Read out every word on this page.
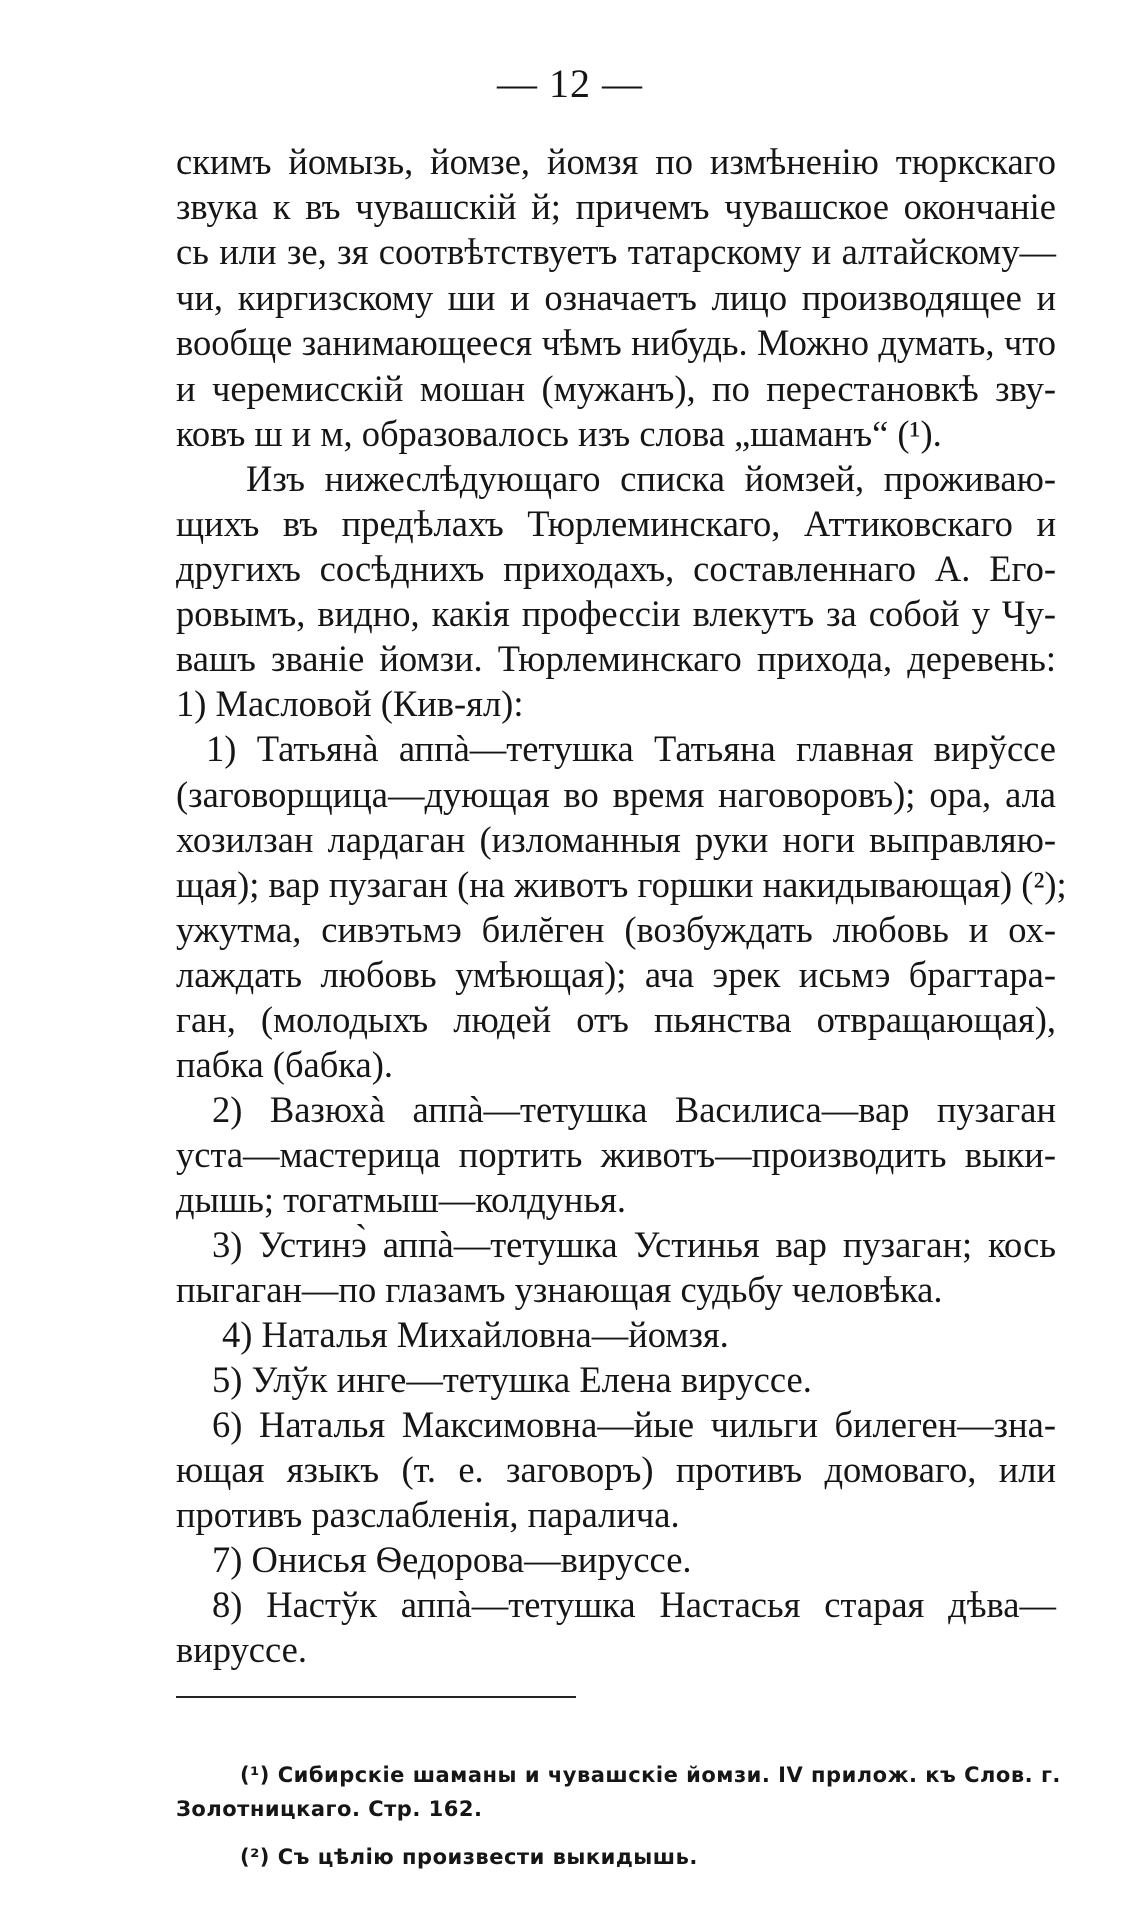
— 12 —
скимъ йомызь, йомзе, йомзя по измѣненію тюркскаго
звука к въ чувашскій й; причемъ чувашское окончаніе
сь или зе, зя соотвѣтствуетъ татарскому и алтайскому—
чи, киргизскому ши и означаетъ лицо производящее и
вообще занимающееся чѣмъ нибудь. Можно думать, что
и черемисскій мошан (мужанъ), по перестановкѣ зву-
ковъ ш и м, образовалось изъ слова „шаманъ“ (¹).
Изъ нижеслѣдующаго списка йомзей, проживаю-
щихъ въ предѣлахъ Тюрлеминскаго, Аттиковскаго и
другихъ сосѣднихъ приходахъ, составленнаго А. Его-
ровымъ, видно, какія профессіи влекутъ за собой у Чу-
вашъ званіе йомзи. Тюрлеминскаго прихода, деревень:
1) Масловой (Кив-ял):
1) Татьянà аппà—тетушка Татьяна главная вирўссе
(заговорщица—дующая во время наговоровъ); ора, ала
хозилзан лардаган (изломанныя руки ноги выправляю-
щая); вар пузаган (на животъ горшки накидывающая) (²);
ужутма, сивэтьмэ билĕген (возбуждать любовь и ох-
лаждать любовь умѣющая); ача эрек исьмэ брагтара-
ган, (молодыхъ людей отъ пьянства отвращающая),
пабка (бабка).
2) Вазюхà аппà—тетушка Василиса—вар пузаган
уста—мастерица портить животъ—производить выки-
дышь; тогатмыш—колдунья.
3) Устинэ̀ аппà—тетушка Устинья вар пузаган; кось
пыгаган—по глазамъ узнающая судьбу человѣка.
4) Наталья Михайловна—йомзя.
5) Улўк инге—тетушка Елена вируссе.
6) Наталья Максимовна—йые чильги билеген—зна-
ющая языкъ (т. е. заговоръ) противъ домоваго, или
противъ разслабленія, паралича.
7) Онисья Ѳедорова—вируссе.
8) Настўк аппà—тетушка Настасья старая дѣва—
вируссе.
(¹) Сибирскіе шаманы и чувашскіе йомзи. IV прилож. къ Слов. г.
Золотницкаго. Стр. 162.
(²) Съ цѣлію произвести выкидышь.
